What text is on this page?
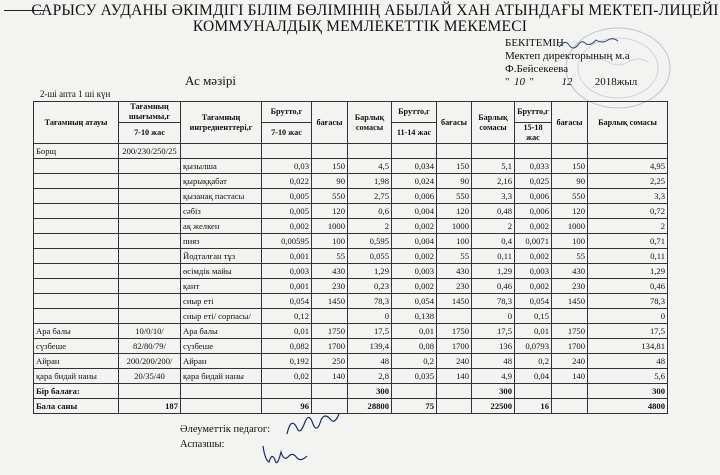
САРЫСУ АУДАНЫ ӘКІМДІГІ БІЛІМ БӨЛІМІНІҢ АБЫЛАЙ ХАН АТЫНДАҒЫ МЕКТЕП-ЛИЦЕЙІ
КОММУНАЛДЫҚ МЕМЛЕКЕТТІК МЕКЕМЕСІ
БЕКІТЕМІН
Мектеп директорының м.а
Ф.Бейсекеева
" 10 "	12 2018жыл
Ас мәзірі
2-ші апта 1 ші күн
Тағамның атауы	Тағамның шығымы,г	Тағамның ингредиенттері,г	Брутто,г	бағасы	Барлық сомасы	Брутто,г	бағасы	Барлық сомасы	Брутто,г	бағасы	Барлық сомасы
	7-10 жас		7-10 жас			11-14 жас			15-18 жас		
Борщ	200/230/250/25										
		қызылша	0,03	150	4,5	0,034	150	5,1	0,033	150	4,95
		қырыққабат	0,022	90	1,98	0,024	90	2,16	0,025	90	2,25
		қызанақ пастасы	0,005	550	2,75	0,006	550	3,3	0,006	550	3,3
		сәбіз	0,005	120	0,6	0,004	120	0,48	0,006	120	0,72
		ақ желкен	0,002	1000	2	0,002	1000	2	0,002	1000	2
		пияз	0,00595	100	0,595	0,004	100	0,4	0,0071	100	0,71
		Йодталған тұз	0,001	55	0,055	0,002	55	0,11	0,002	55	0,11
		өсімдік майы	0,003	430	1,29	0,003	430	1,29	0,003	430	1,29
		қант	0,001	230	0,23	0,002	230	0,46	0,002	230	0,46
		сиыр еті	0,054	1450	78,3	0,054	1450	78,3	0,054	1450	78,3
		сиыр еті/ сорпасы/	0,12		0	0,138		0	0,15		0
Ара балы	10/0/10/	Ара балы	0,01	1750	17,5	0,01	1750	17,5	0,01	1750	17,5
сүзбеше	82/80/79/	сүзбеше	0,082	1700	139,4	0,08	1700	136	0,0793	1700	134,81
Айран	200/200/200/	Айран	0,192	250	48	0,2	240	48	0,2	240	48
қара бидай наны	20/35/40	қара бидай наны	0,02	140	2,8	0,035	140	4,9	0,04	140	5,6
Бір балаға:					300			300			300
Бала саны	187		96		28800	75		22500	16		4800
Әлеуметтік педагог:
Аспазшы:
